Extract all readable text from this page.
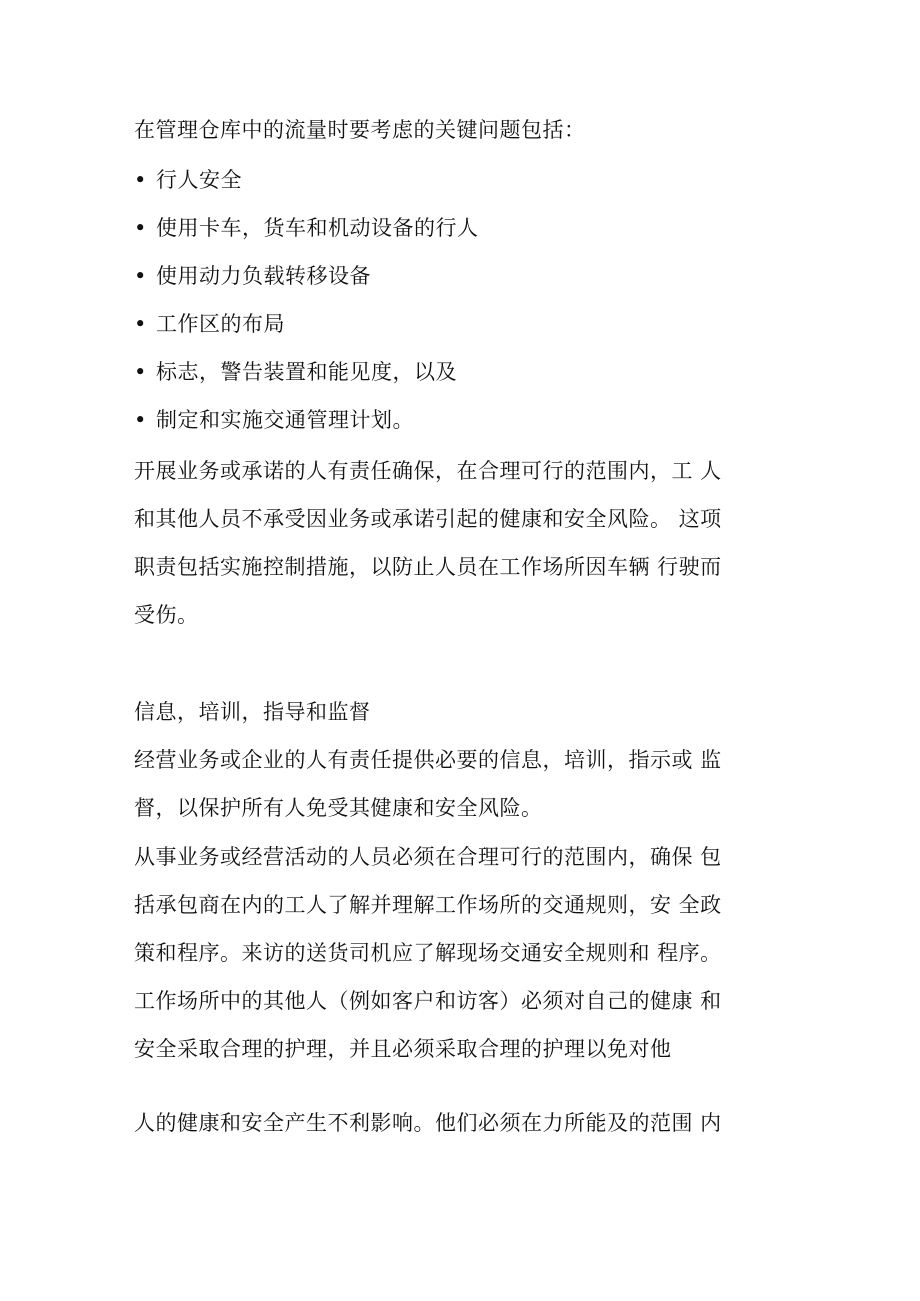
在管理仓库中的流量时要考虑的关键问题包括：
• 行人安全
• 使用卡车，货车和机动设备的行人
• 使用动力负载转移设备
• 工作区的布局
• 标志，警告装置和能见度，以及
• 制定和实施交通管理计划。
开展业务或承诺的人有责任确保，在合理可行的范围内，工 人
和其他人员不承受因业务或承诺引起的健康和安全风险。 这项
职责包括实施控制措施，以防止人员在工作场所因车辆 行驶而
受伤。
信息，培训，指导和监督
经营业务或企业的人有责任提供必要的信息，培训，指示或 监
督，以保护所有人免受其健康和安全风险。
从事业务或经营活动的人员必须在合理可行的范围内，确保 包
括承包商在内的工人了解并理解工作场所的交通规则，安 全政
策和程序。来访的送货司机应了解现场交通安全规则和 程序。
工作场所中的其他人（例如客户和访客）必须对自己的健康 和
安全采取合理的护理，并且必须采取合理的护理以免对他
人的健康和安全产生不利影响。他们必须在力所能及的范围 内
